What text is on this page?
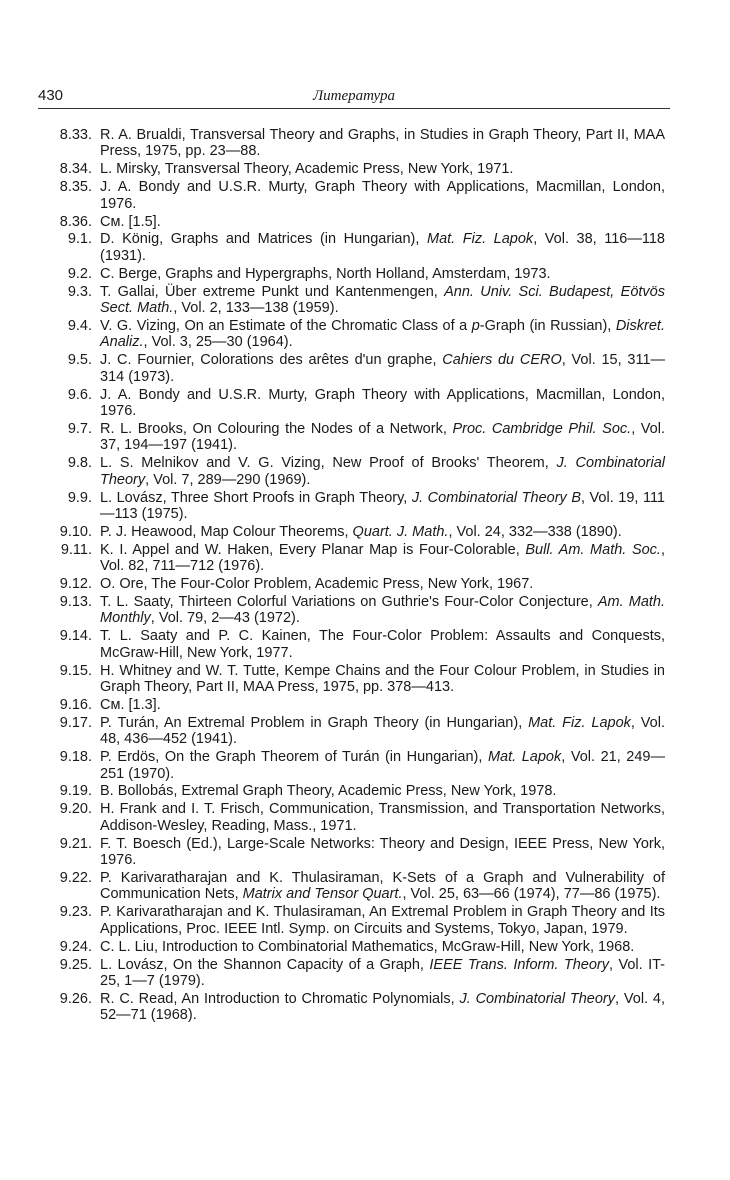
430	Литература
8.33. R. A. Brualdi, Transversal Theory and Graphs, in Studies in Graph Theory, Part II, MAA Press, 1975, pp. 23—88.
8.34. L. Mirsky, Transversal Theory, Academic Press, New York, 1971.
8.35. J. A. Bondy and U.S.R. Murty, Graph Theory with Applications, Macmillan, London, 1976.
8.36. См. [1.5].
9.1. D. König, Graphs and Matrices (in Hungarian), Mat. Fiz. Lapok, Vol. 38, 116—118 (1931).
9.2. C. Berge, Graphs and Hypergraphs, North Holland, Amsterdam, 1973.
9.3. T. Gallai, Über extreme Punkt und Kantenmengen, Ann. Univ. Sci. Budapest, Eötvös Sect. Math., Vol. 2, 133—138 (1959).
9.4. V. G. Vizing, On an Estimate of the Chromatic Class of a p-Graph (in Russian), Diskret. Analiz., Vol. 3, 25—30 (1964).
9.5. J. C. Fournier, Colorations des arêtes d'un graphe, Cahiers du CERO, Vol. 15, 311—314 (1973).
9.6. J. A. Bondy and U.S.R. Murty, Graph Theory with Applications, Macmillan, London, 1976.
9.7. R. L. Brooks, On Colouring the Nodes of a Network, Proc. Cambridge Phil. Soc., Vol. 37, 194—197 (1941).
9.8. L. S. Melnikov and V. G. Vizing, New Proof of Brooks' Theorem, J. Combinatorial Theory, Vol. 7, 289—290 (1969).
9.9. L. Lovász, Three Short Proofs in Graph Theory, J. Combinatorial Theory B, Vol. 19, 111—113 (1975).
9.10. P. J. Heawood, Map Colour Theorems, Quart. J. Math., Vol. 24, 332—338 (1890).
9.11. K. I. Appel and W. Haken, Every Planar Map is Four-Colorable, Bull. Am. Math. Soc., Vol. 82, 711—712 (1976).
9.12. O. Ore, The Four-Color Problem, Academic Press, New York, 1967.
9.13. T. L. Saaty, Thirteen Colorful Variations on Guthrie's Four-Color Conjecture, Am. Math. Monthly, Vol. 79, 2—43 (1972).
9.14. T. L. Saaty and P. C. Kainen, The Four-Color Problem: Assaults and Conquests, McGraw-Hill, New York, 1977.
9.15. H. Whitney and W. T. Tutte, Kempe Chains and the Four Colour Problem, in Studies in Graph Theory, Part II, MAA Press, 1975, pp. 378—413.
9.16. См. [1.3].
9.17. P. Turán, An Extremal Problem in Graph Theory (in Hungarian), Mat. Fiz. Lapok, Vol. 48, 436—452 (1941).
9.18. P. Erdös, On the Graph Theorem of Turán (in Hungarian), Mat. Lapok, Vol. 21, 249—251 (1970).
9.19. B. Bollobás, Extremal Graph Theory, Academic Press, New York, 1978.
9.20. H. Frank and I. T. Frisch, Communication, Transmission, and Transportation Networks, Addison-Wesley, Reading, Mass., 1971.
9.21. F. T. Boesch (Ed.), Large-Scale Networks: Theory and Design, IEEE Press, New York, 1976.
9.22. P. Karivaratharajan and K. Thulasiraman, K-Sets of a Graph and Vulnerability of Communication Nets, Matrix and Tensor Quart., Vol. 25, 63—66 (1974), 77—86 (1975).
9.23. P. Karivaratharajan and K. Thulasiraman, An Extremal Problem in Graph Theory and Its Applications, Proc. IEEE Intl. Symp. on Circuits and Systems, Tokyo, Japan, 1979.
9.24. C. L. Liu, Introduction to Combinatorial Mathematics, McGraw-Hill, New York, 1968.
9.25. L. Lovász, On the Shannon Capacity of a Graph, IEEE Trans. Inform. Theory, Vol. IT-25, 1—7 (1979).
9.26. R. C. Read, An Introduction to Chromatic Polynomials, J. Combinatorial Theory, Vol. 4, 52—71 (1968).
